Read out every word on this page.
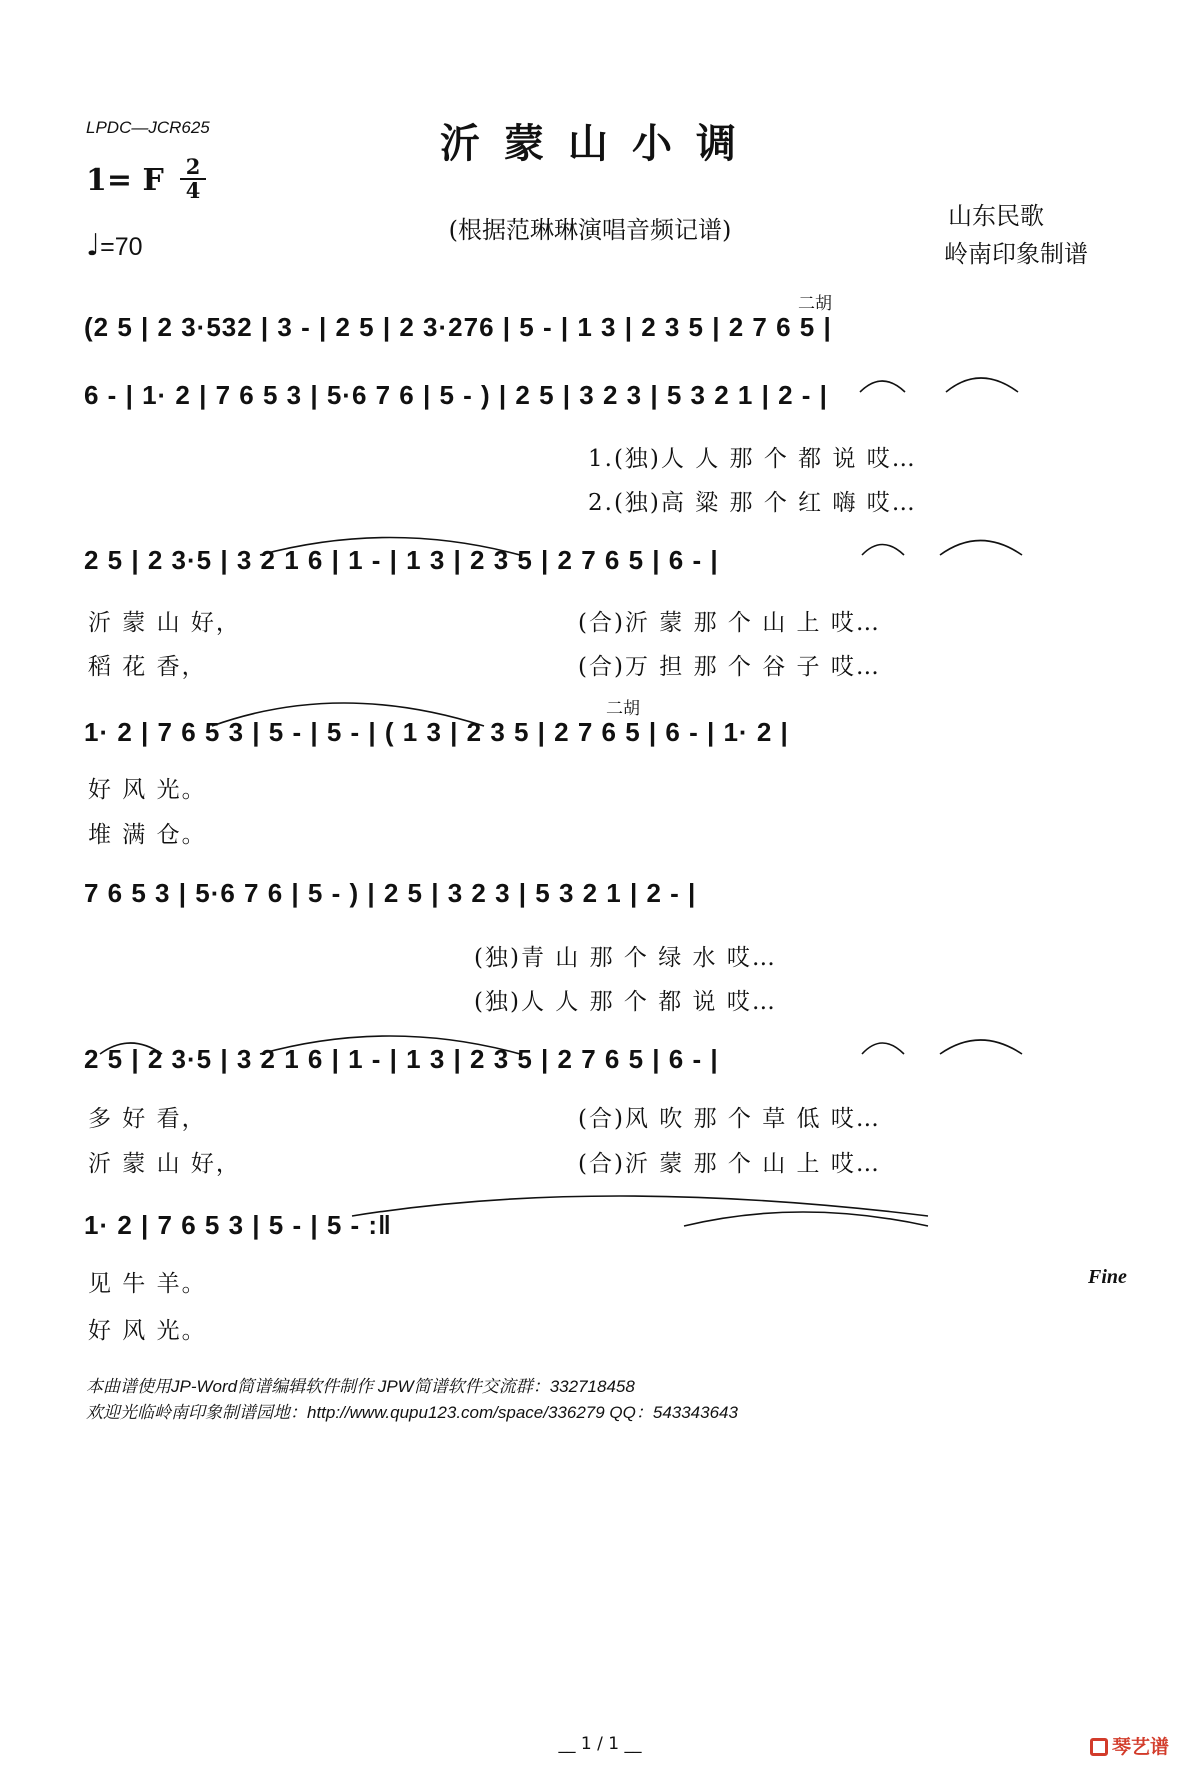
LPDC—JCR625	沂蒙山小调
1= F 2
4
♩=70
(根据范琳琳演唱音频记谱)	山东民歌
岭南印象制谱
二胡
(2 5 | 2 3·532 | 3 - | 2 5 | 2 3·276 | 5 - | 1 3 | 2 3 5 | 2 7 6 5 |
6 - | 1· 2 | 7 6 5 3 | 5·6 7 6 | 5 - ) | 2 5 | 3 2 3 | 5 3 2 1 | 2 - |
1.(独)人 人 那 个 都 说 哎…
2.(独)高 粱 那 个 红 嗨 哎…
2 5 | 2 3·5 | 3 2 1 6 | 1 - | 1 3 | 2 3 5 | 2 7 6 5 | 6 - |
沂 蒙 山 好，	(合)沂 蒙 那 个 山 上 哎…
稻 花 香，	(合)万 担 那 个 谷 子 哎…
二胡
1· 2 | 7 6 5 3 | 5 - | 5 - | ( 1 3 | 2 3 5 | 2 7 6 5 | 6 - | 1· 2 |
好 风 光。
堆 满 仓。
7 6 5 3 | 5·6 7 6 | 5 - ) | 2 5 | 3 2 3 | 5 3 2 1 | 2 - |
(独)青 山 那 个 绿 水 哎…
(独)人 人 那 个 都 说 哎…
2 5 | 2 3·5 | 3 2 1 6 | 1 - | 1 3 | 2 3 5 | 2 7 6 5 | 6 - |
多 好 看，	(合)风 吹 那 个 草 低 哎…
沂 蒙 山 好，	(合)沂 蒙 那 个 山 上 哎…
1· 2 | 7 6 5 3 | 5 - | 5 - :‖
Fine
见 牛 羊。
好 风 光。
本曲谱使用JP-Word简谱编辑软件制作 JPW简谱软件交流群：332718458
欢迎光临岭南印象制谱园地：http://www.qupu123.com/space/336279 QQ：543343643
__ 1 / 1 __	琴艺谱
